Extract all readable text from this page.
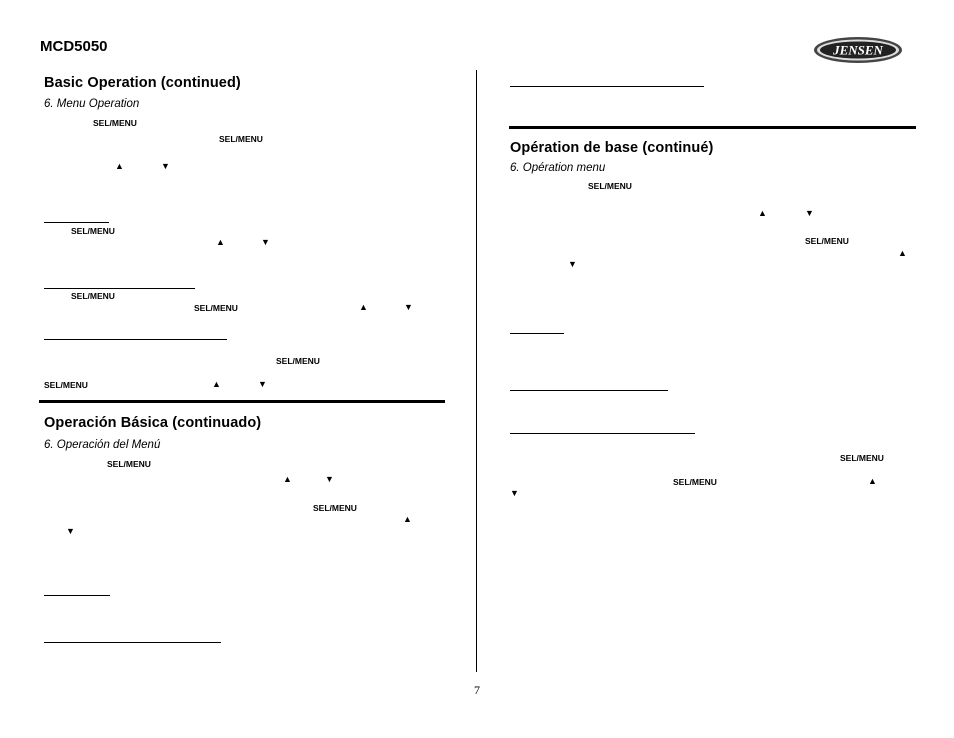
MCD5050	JENSEN
Basic Operation (continued)
6. Menu Operation
SEL/MENU
SEL/MENU
▲	▼
SEL/MENU
▲	▼
SEL/MENU
SEL/MENU	▲	▼
SEL/MENU
SEL/MENU	▲	▼
Operación Básica (continuado)
6. Operación del Menú
SEL/MENU
▲	▼
SEL/MENU
▲
▼
Opération de base (continué)
6. Opération menu
SEL/MENU
▲	▼
SEL/MENU
▲
▼
SEL/MENU
SEL/MENU	▲
▼
7
